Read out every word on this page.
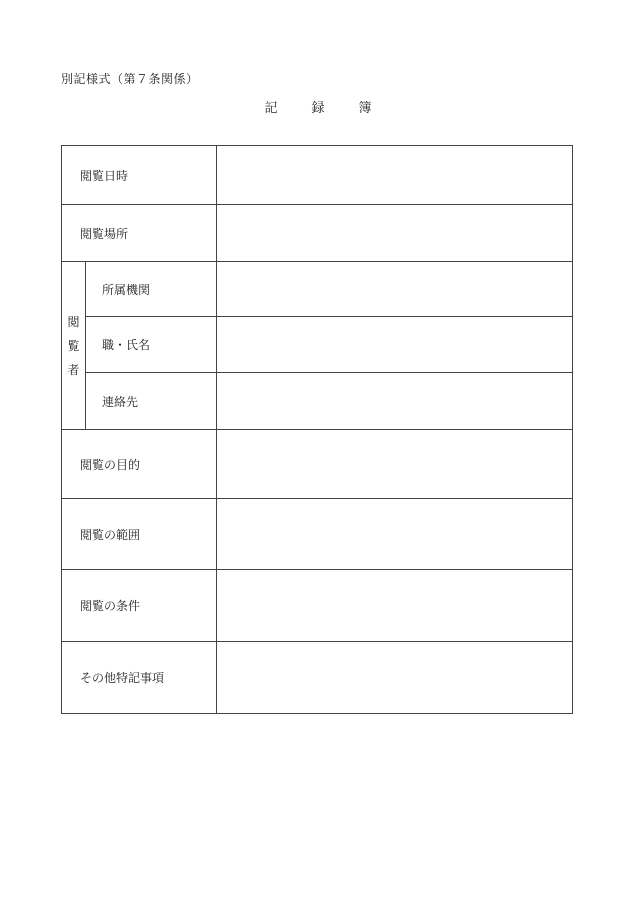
別記様式（第７条関係）
記	録	簿
閲覧日時		
閲覧場所		

閲
覧
者	所属機関	
	職・氏名	
	連絡先	
閲覧の目的		
閲覧の範囲		
閲覧の条件		
その他特記事項		
